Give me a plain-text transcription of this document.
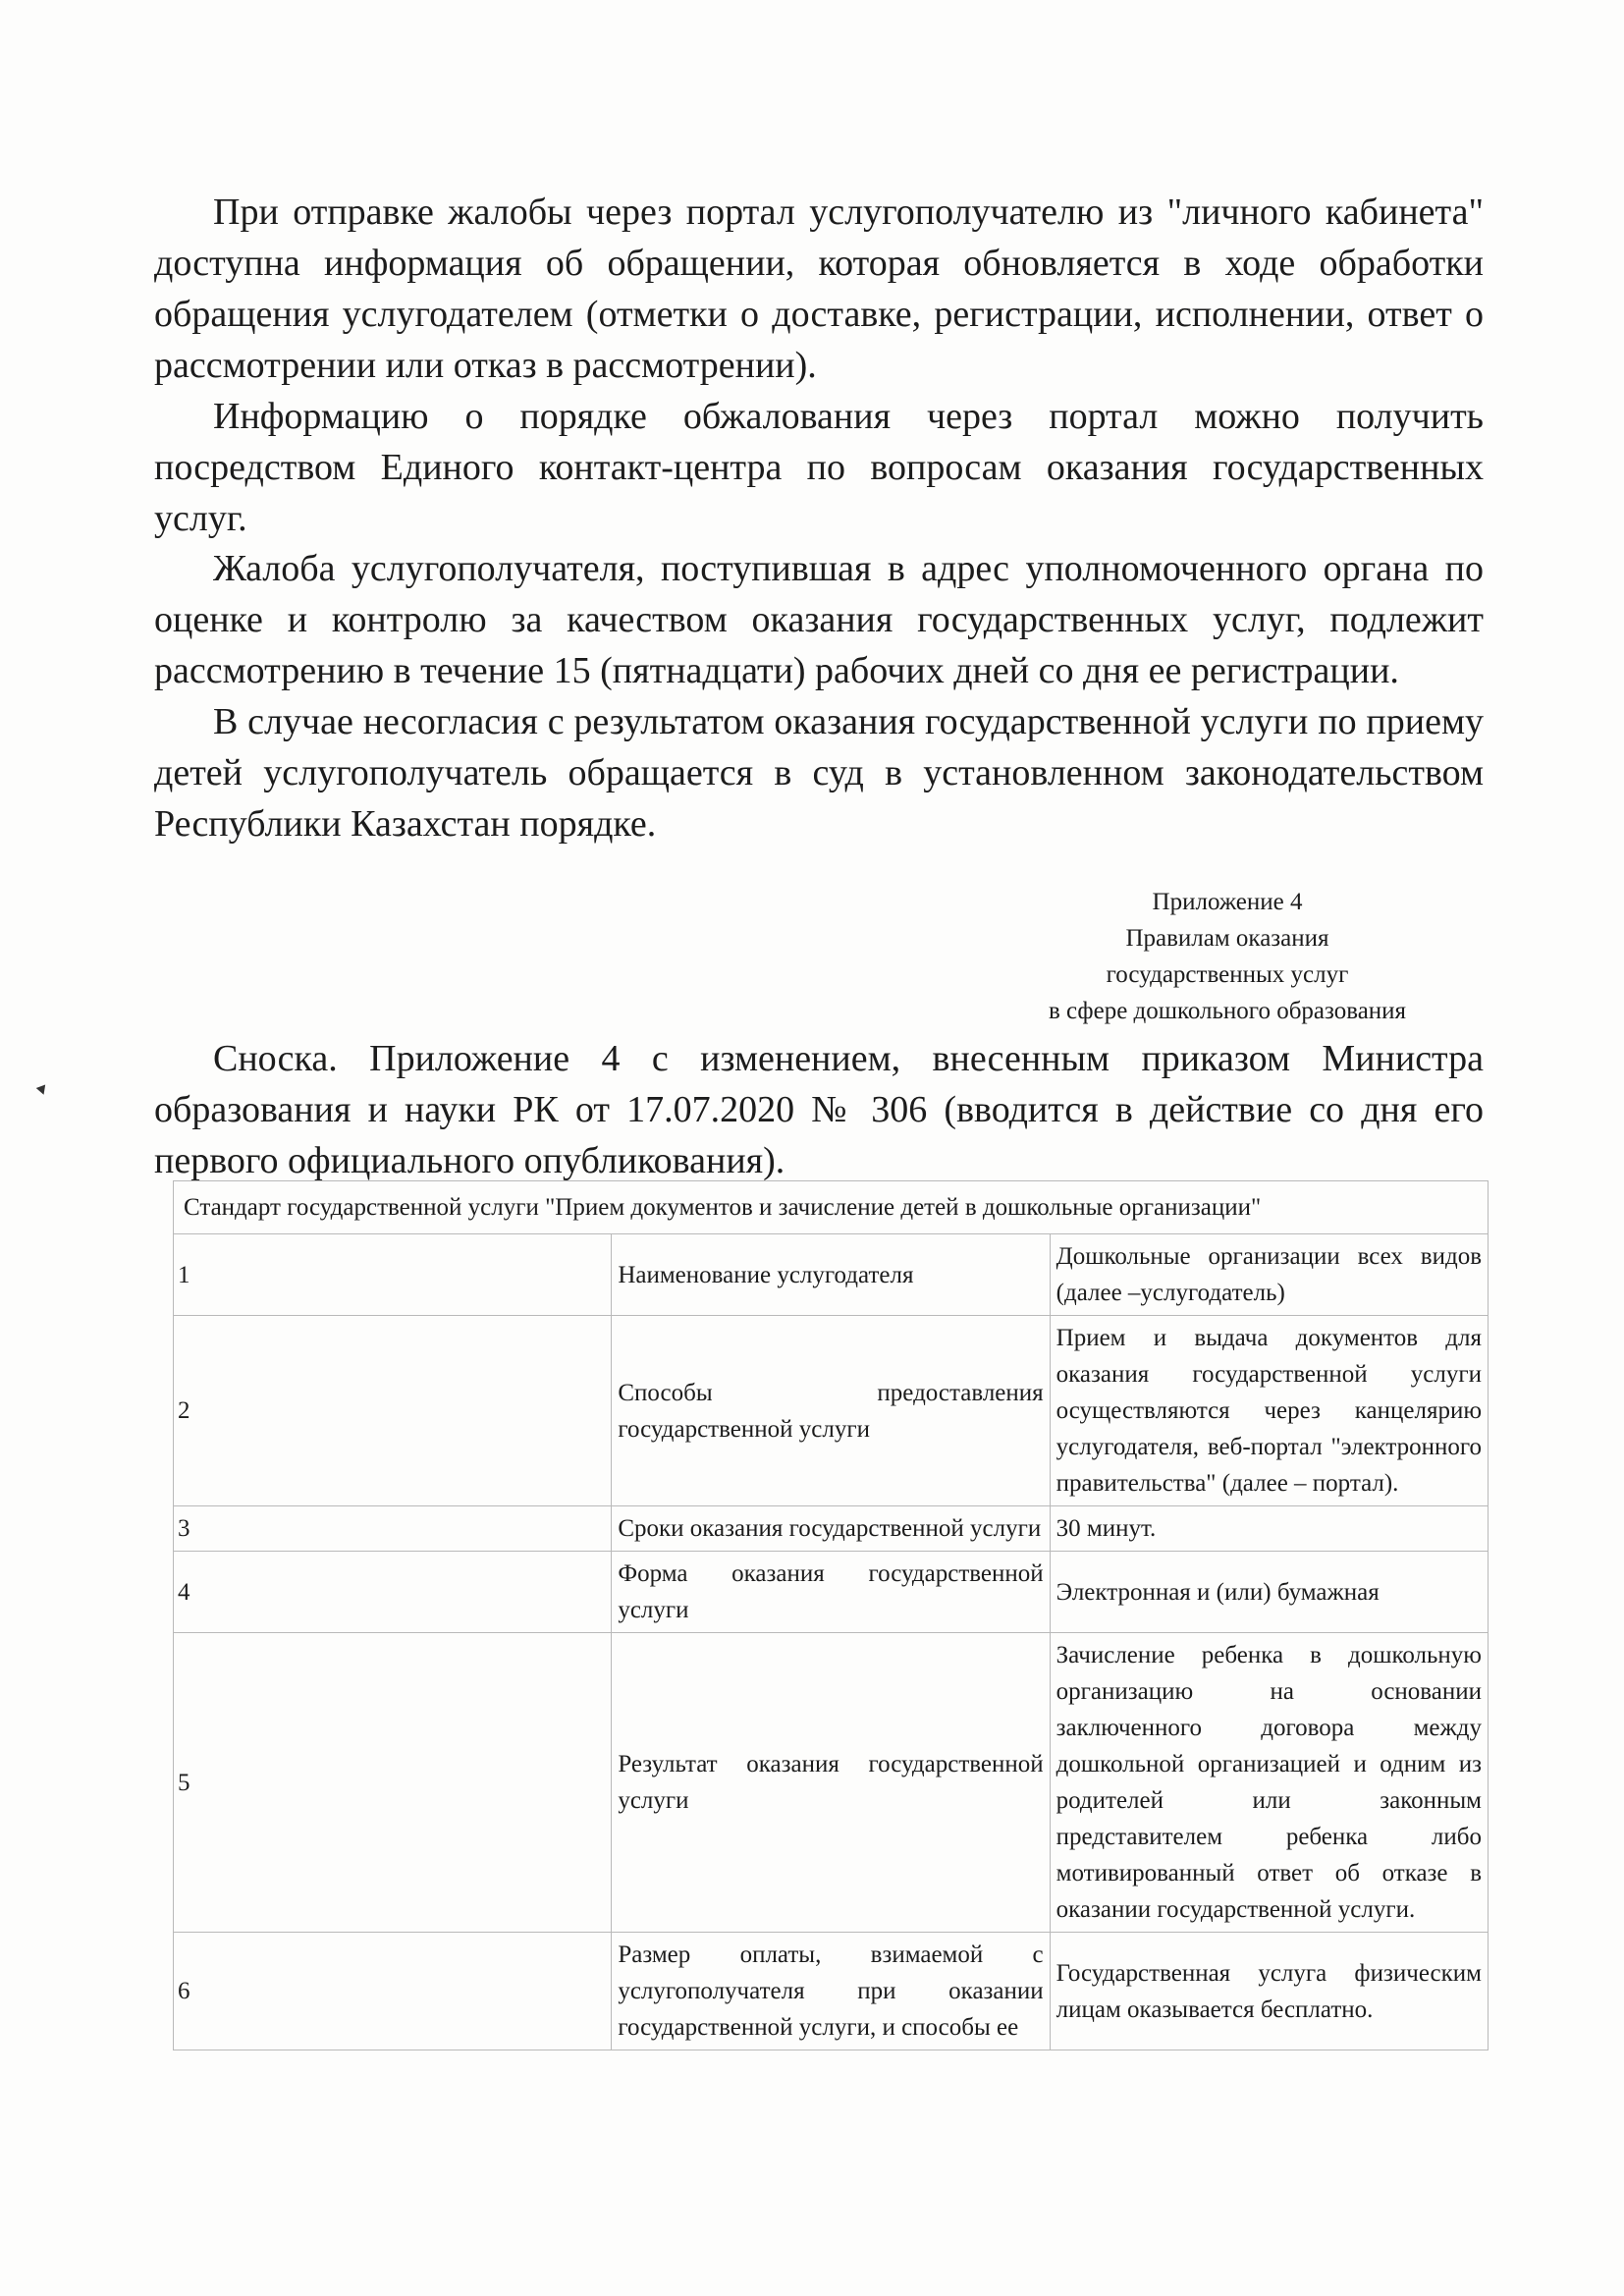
При отправке жалобы через портал услугополучателю из "личного кабинета" доступна информация об обращении, которая обновляется в ходе обработки обращения услугодателем (отметки о доставке, регистрации, исполнении, ответ о рассмотрении или отказ в рассмотрении).

Информацию о порядке обжалования через портал можно получить посредством Единого контакт-центра по вопросам оказания государственных услуг.

Жалоба услугополучателя, поступившая в адрес уполномоченного органа по оценке и контролю за качеством оказания государственных услуг, подлежит рассмотрению в течение 15 (пятнадцати) рабочих дней со дня ее регистрации.

В случае несогласия с результатом оказания государственной услуги по приему детей услугополучатель обращается в суд в установленном законодательством Республики Казахстан порядке.

Приложение 4
Правилам оказания
государственных услуг
в сфере дошкольного образования

Сноска. Приложение 4 с изменением, внесенным приказом Министра образования и науки РК от 17.07.2020 № 306 (вводится в действие со дня его первого официального опубликования).

Стандарт государственной услуги "Прием документов и зачисление детей в дошкольные организации"		
1	Наименование услугодателя	Дошкольные организации всех видов (далее –услугодатель)
2	Способы предоставления государственной услуги	Прием и выдача документов для оказания государственной услуги осуществляются через канцелярию услугодателя, веб-портал "электронного правительства" (далее – портал).
3	Сроки оказания государственной услуги	30 минут.
4	Форма оказания государственной услуги	Электронная и (или) бумажная
5	Результат оказания государственной услуги	Зачисление ребенка в дошкольную организацию на основании заключенного договора между дошкольной организацией и одним из родителей или законным представителем ребенка либо мотивированный ответ об отказе в оказании государственной услуги.
6	Размер оплаты, взимаемой с услугополучателя при оказании государственной услуги, и способы ее	Государственная услуга физическим лицам оказывается бесплатно.
